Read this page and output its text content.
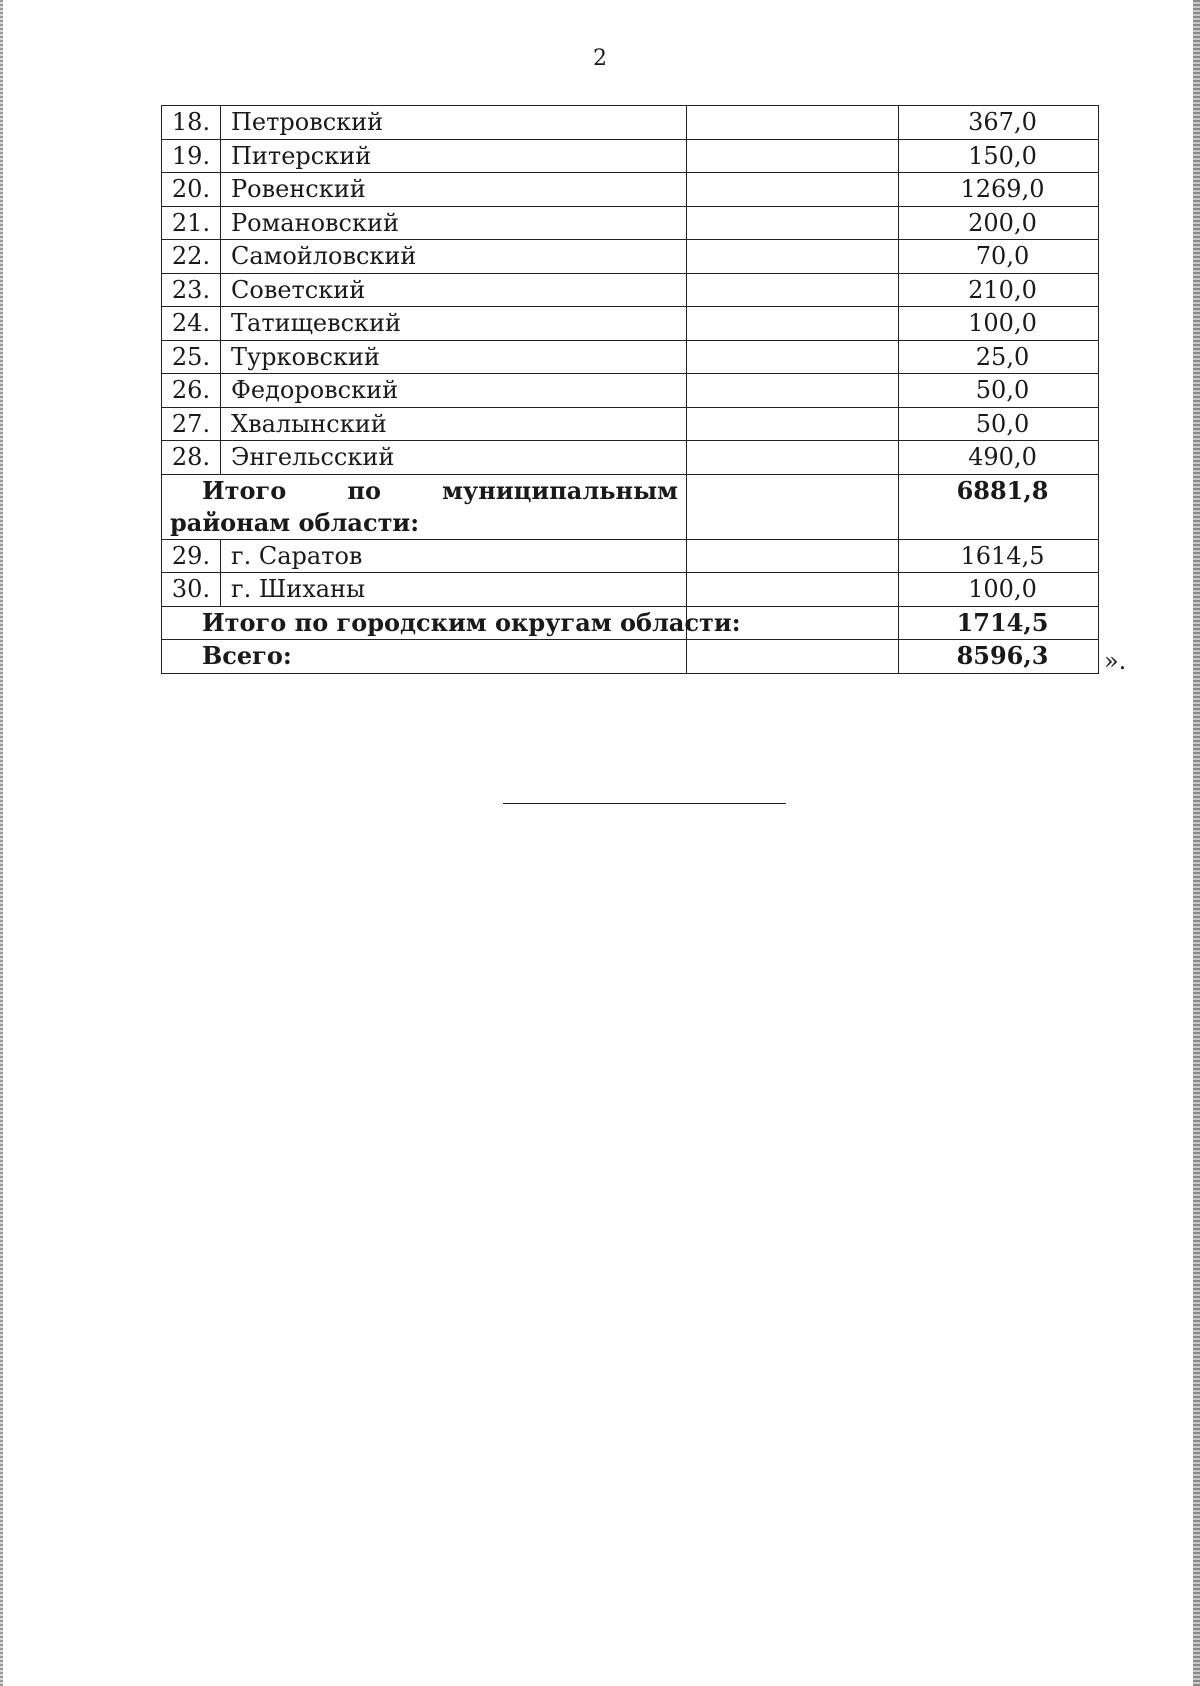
2
18.	Петровский		367,0
19.	Питерский		150,0
20.	Ровенский		1269,0
21.	Романовский		200,0
22.	Самойловский		70,0
23.	Советский		210,0
24.	Татищевский		100,0
25.	Турковский		25,0
26.	Федоровский		50,0
27.	Хвалынский		50,0
28.	Энгельсский		490,0
Итого по муниципальным районам области:			6881,8
29.	г. Саратов		1614,5
30.	г. Шиханы		100,0
Итого по городским округам области:			1714,5
Всего:			8596,3 ».
